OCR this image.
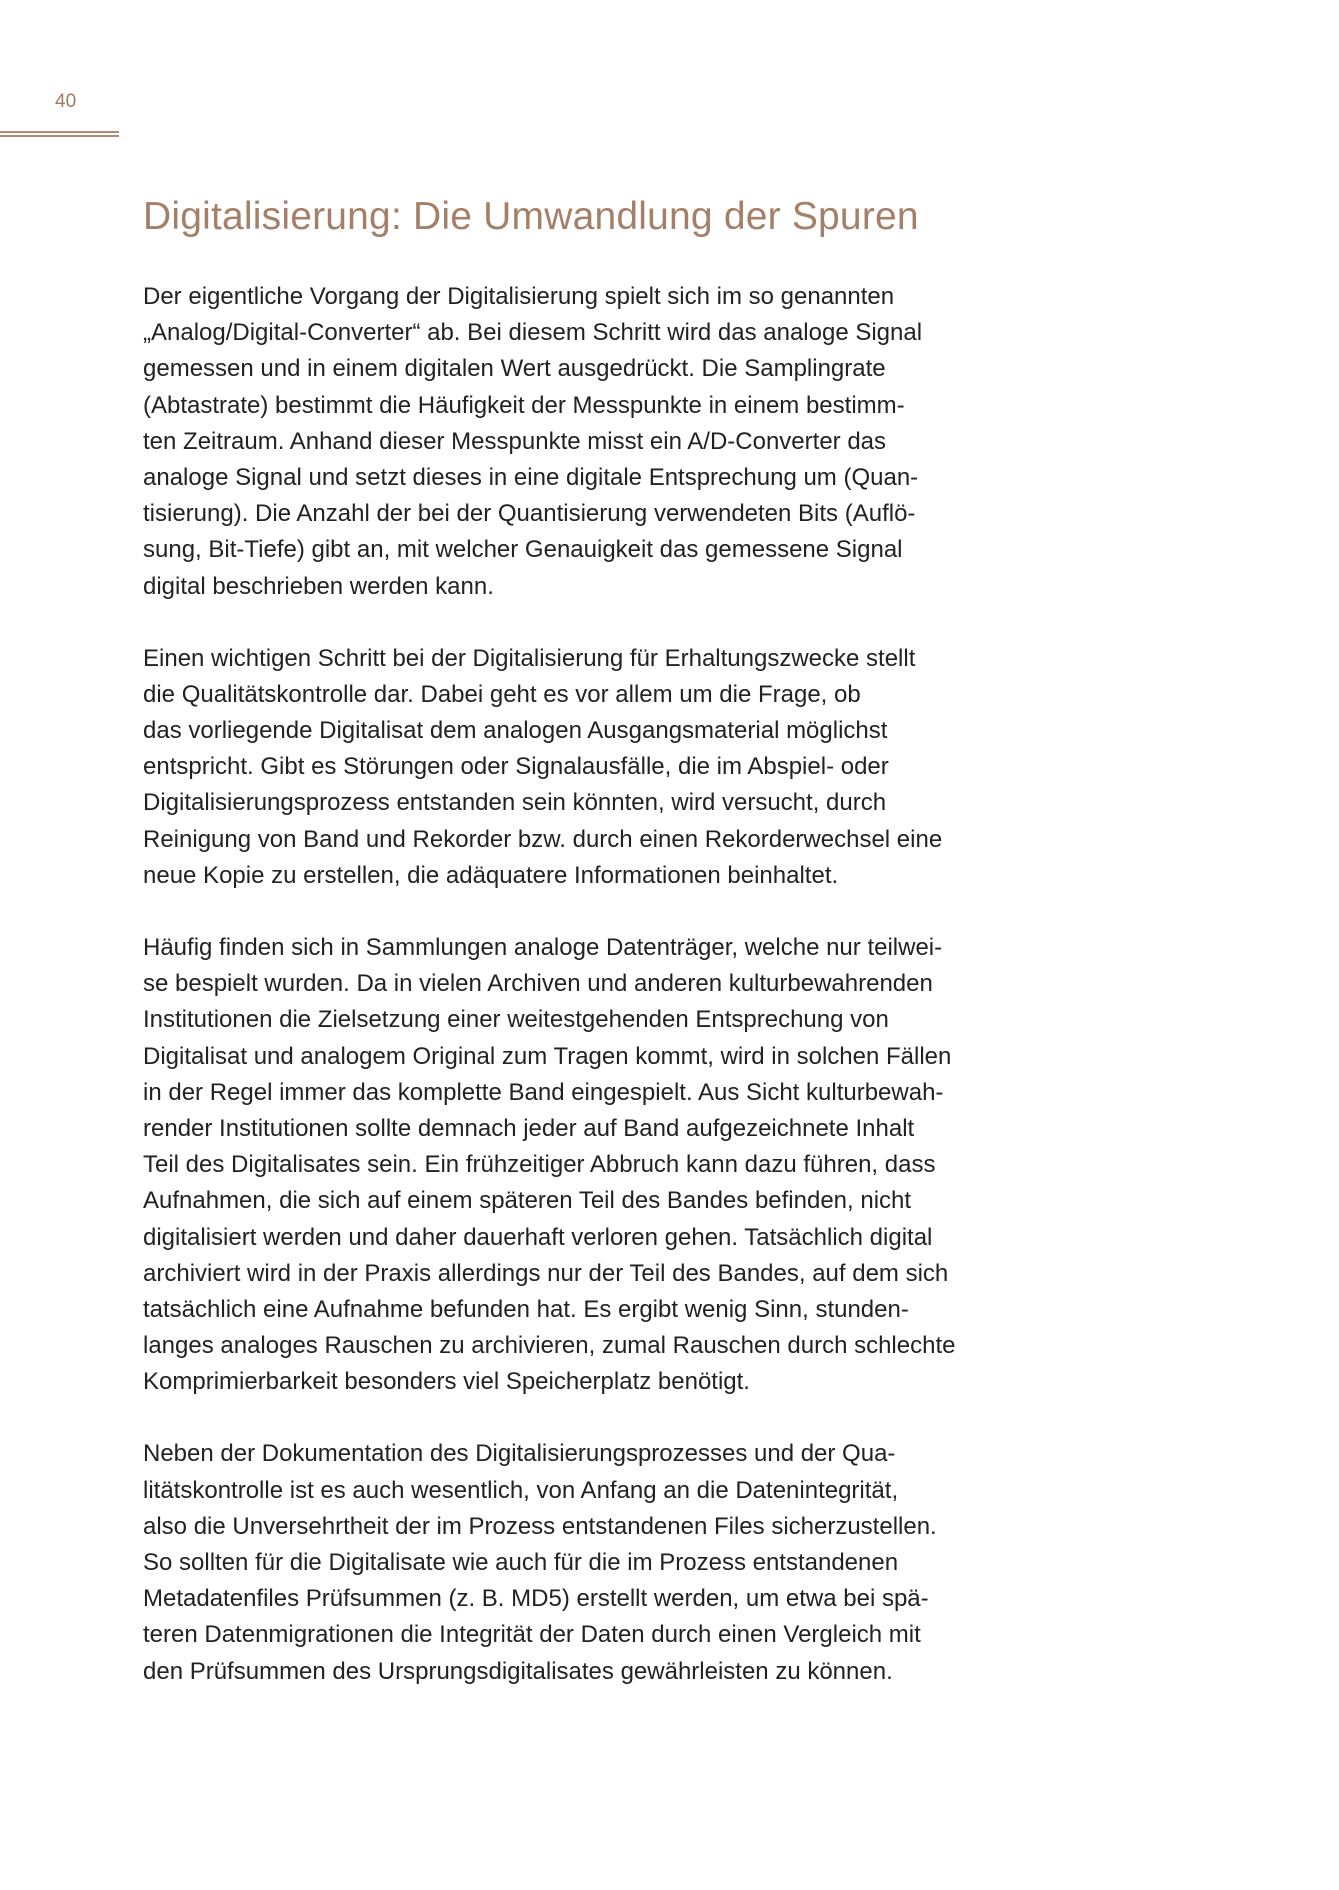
40
Digitalisierung: Die Umwandlung der Spuren

Der eigentliche Vorgang der Digitalisierung spielt sich im so genannten
„Analog/Digital-Converter“ ab. Bei diesem Schritt wird das analoge Signal
gemessen und in einem digitalen Wert ausgedrückt. Die Samplingrate
(Abtastrate) bestimmt die Häufigkeit der Messpunkte in einem bestimm-
ten Zeitraum. Anhand dieser Messpunkte misst ein A/D-Converter das
analoge Signal und setzt dieses in eine digitale Entsprechung um (Quan-
tisierung). Die Anzahl der bei der Quantisierung verwendeten Bits (Auflö-
sung, Bit-Tiefe) gibt an, mit welcher Genauigkeit das gemessene Signal
digital beschrieben werden kann.

Einen wichtigen Schritt bei der Digitalisierung für Erhaltungszwecke stellt
die Qualitätskontrolle dar. Dabei geht es vor allem um die Frage, ob
das vorliegende Digitalisat dem analogen Ausgangsmaterial möglichst
entspricht. Gibt es Störungen oder Signalausfälle, die im Abspiel- oder
Digitalisierungsprozess entstanden sein könnten, wird versucht, durch
Reinigung von Band und Rekorder bzw. durch einen Rekorderwechsel eine
neue Kopie zu erstellen, die adäquatere Informationen beinhaltet.

Häufig finden sich in Sammlungen analoge Datenträger, welche nur teilwei-
se bespielt wurden. Da in vielen Archiven und anderen kulturbewahrenden
Institutionen die Zielsetzung einer weitestgehenden Entsprechung von
Digitalisat und analogem Original zum Tragen kommt, wird in solchen Fällen
in der Regel immer das komplette Band eingespielt. Aus Sicht kulturbewah-
render Institutionen sollte demnach jeder auf Band aufgezeichnete Inhalt
Teil des Digitalisates sein. Ein frühzeitiger Abbruch kann dazu führen, dass
Aufnahmen, die sich auf einem späteren Teil des Bandes befinden, nicht
digitalisiert werden und daher dauerhaft verloren gehen. Tatsächlich digital
archiviert wird in der Praxis allerdings nur der Teil des Bandes, auf dem sich
tatsächlich eine Aufnahme befunden hat. Es ergibt wenig Sinn, stunden-
langes analoges Rauschen zu archivieren, zumal Rauschen durch schlechte
Komprimierbarkeit besonders viel Speicherplatz benötigt.

Neben der Dokumentation des Digitalisierungsprozesses und der Qua-
litätskontrolle ist es auch wesentlich, von Anfang an die Datenintegrität,
also die Unversehrtheit der im Prozess entstandenen Files sicherzustellen.
So sollten für die Digitalisate wie auch für die im Prozess entstandenen
Metadatenfiles Prüfsummen (z. B. MD5) erstellt werden, um etwa bei spä-
teren Datenmigrationen die Integrität der Daten durch einen Vergleich mit
den Prüfsummen des Ursprungsdigitalisates gewährleisten zu können.
